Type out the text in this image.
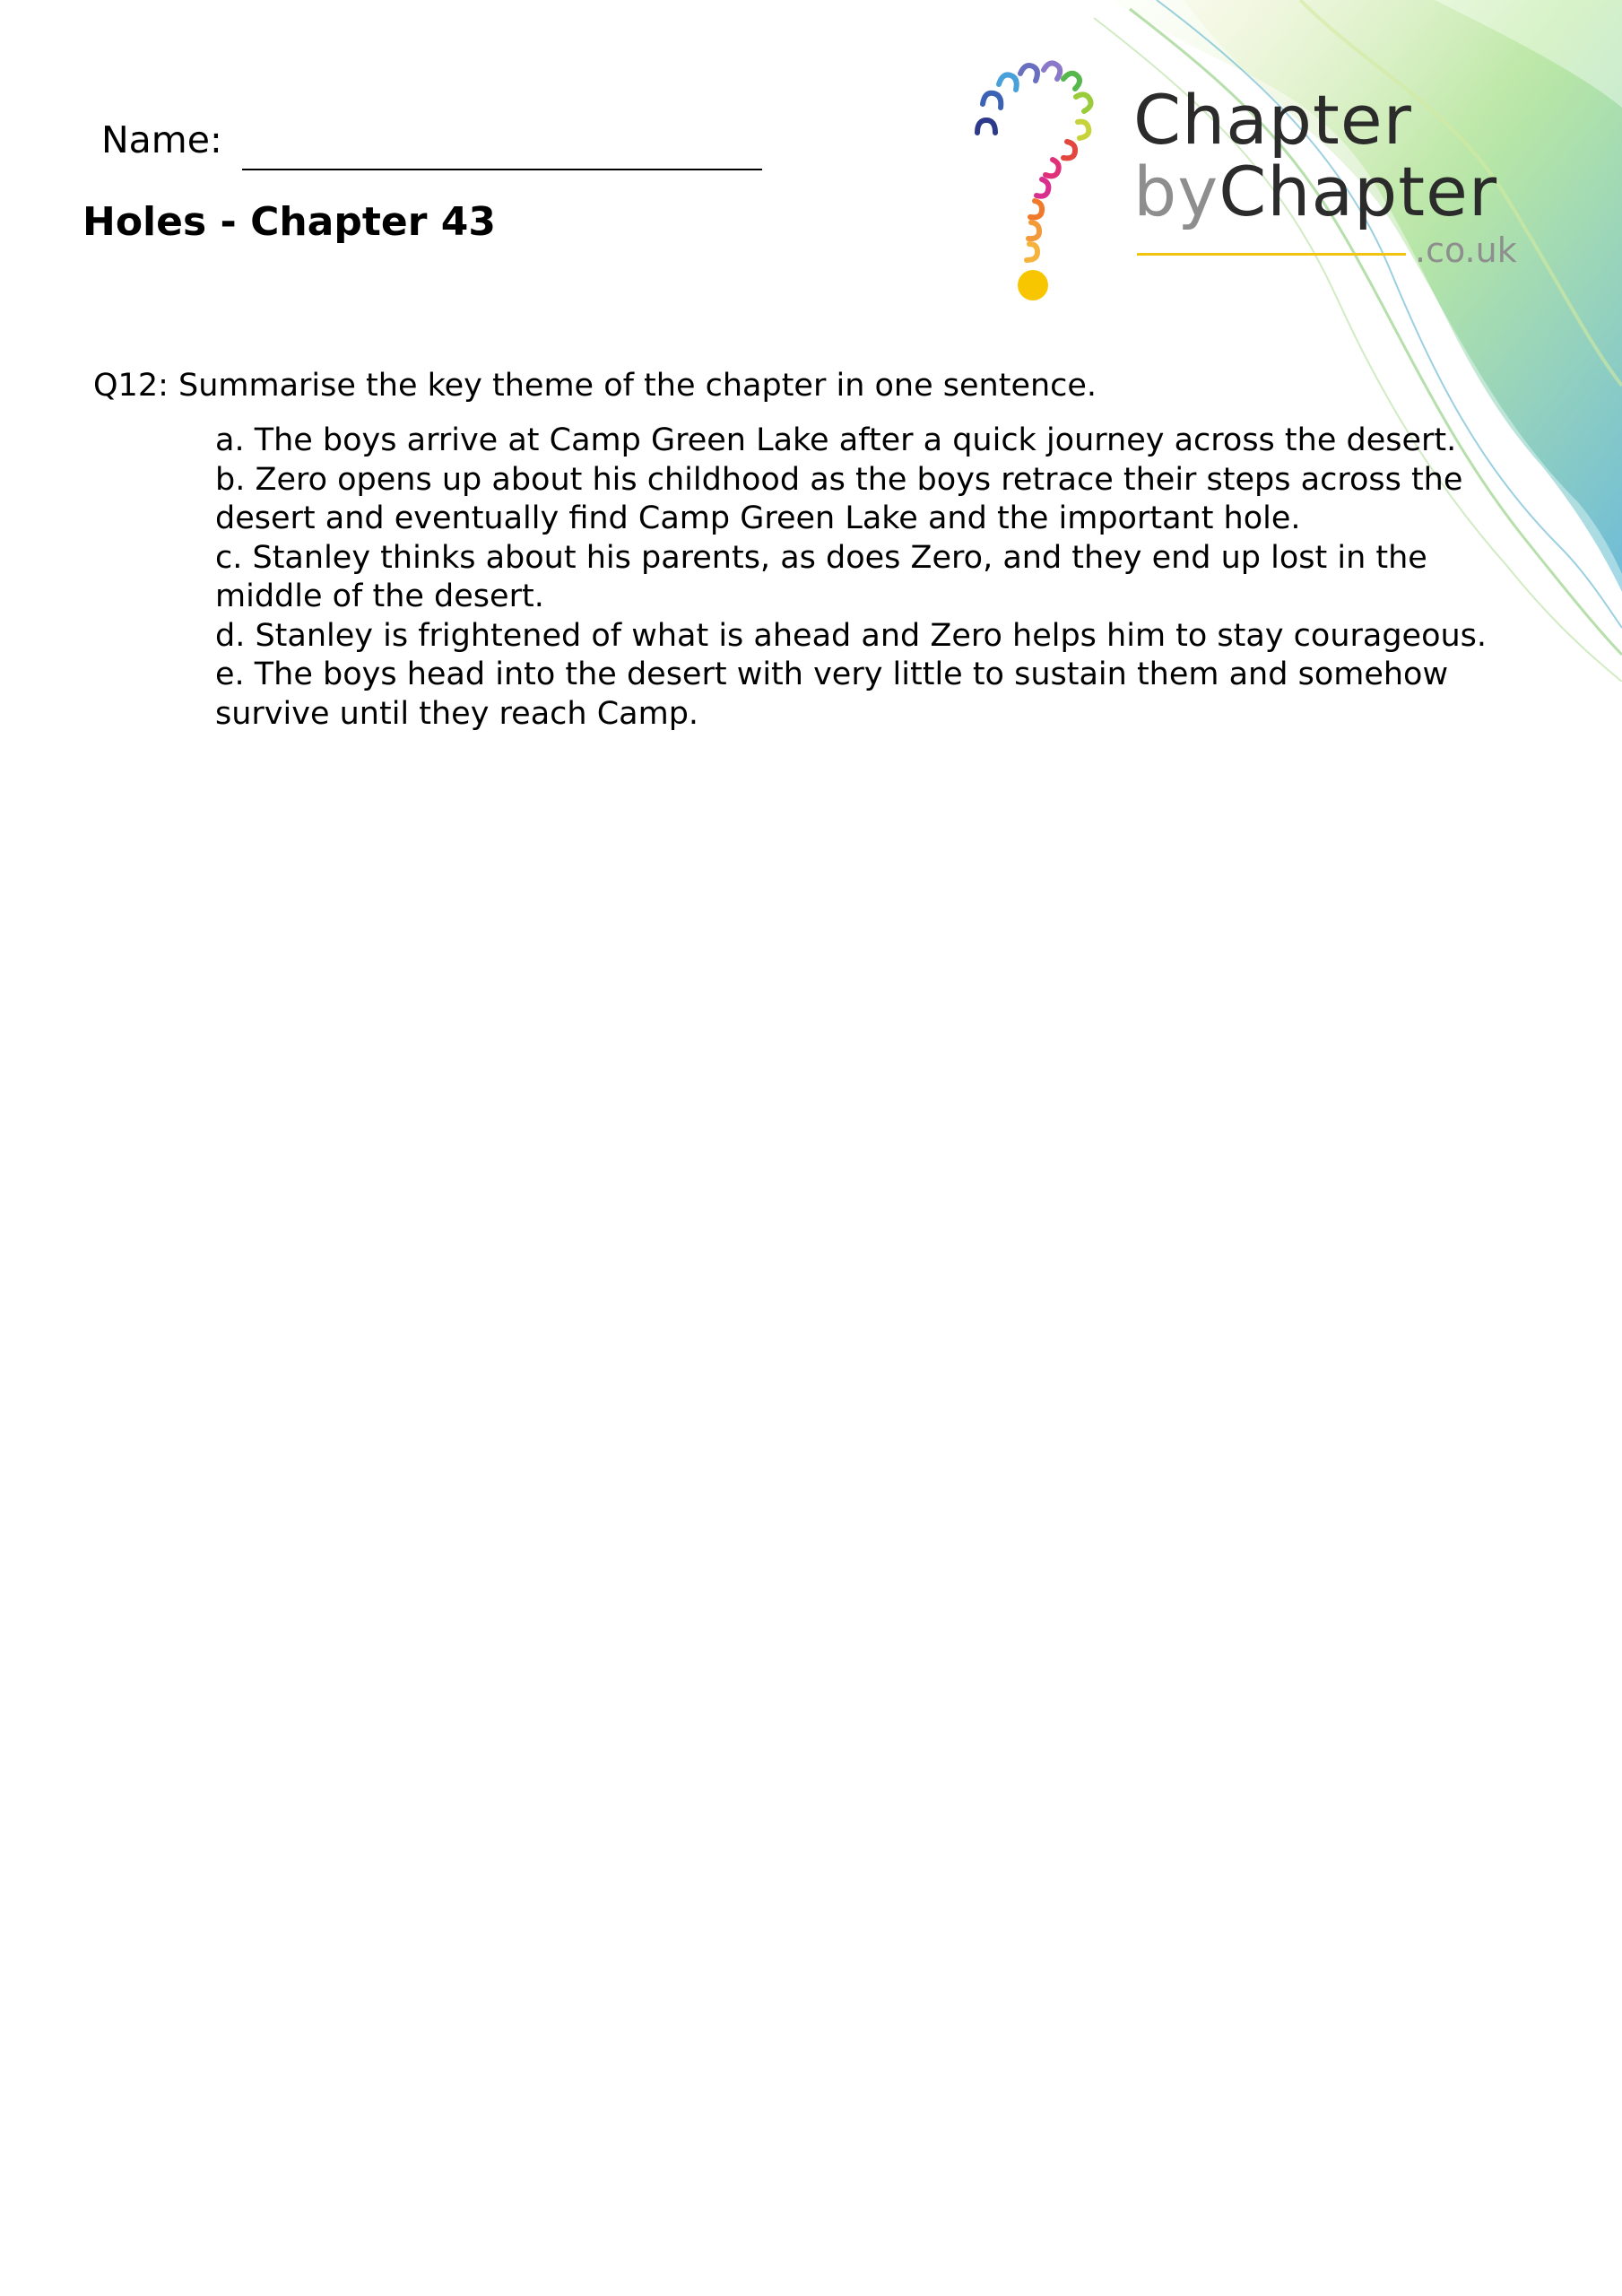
Name:
Holes - Chapter 43
Chapter
byChapter
.co.uk

Q12: Summarise the key theme of the chapter in one sentence.

a. The boys arrive at Camp Green Lake after a quick journey across the desert.
b. Zero opens up about his childhood as the boys retrace their steps across the desert and eventually find Camp Green Lake and the important hole.
c. Stanley thinks about his parents, as does Zero, and they end up lost in the middle of the desert.
d. Stanley is frightened of what is ahead and Zero helps him to stay courageous.
e. The boys head into the desert with very little to sustain them and somehow survive until they reach Camp.
